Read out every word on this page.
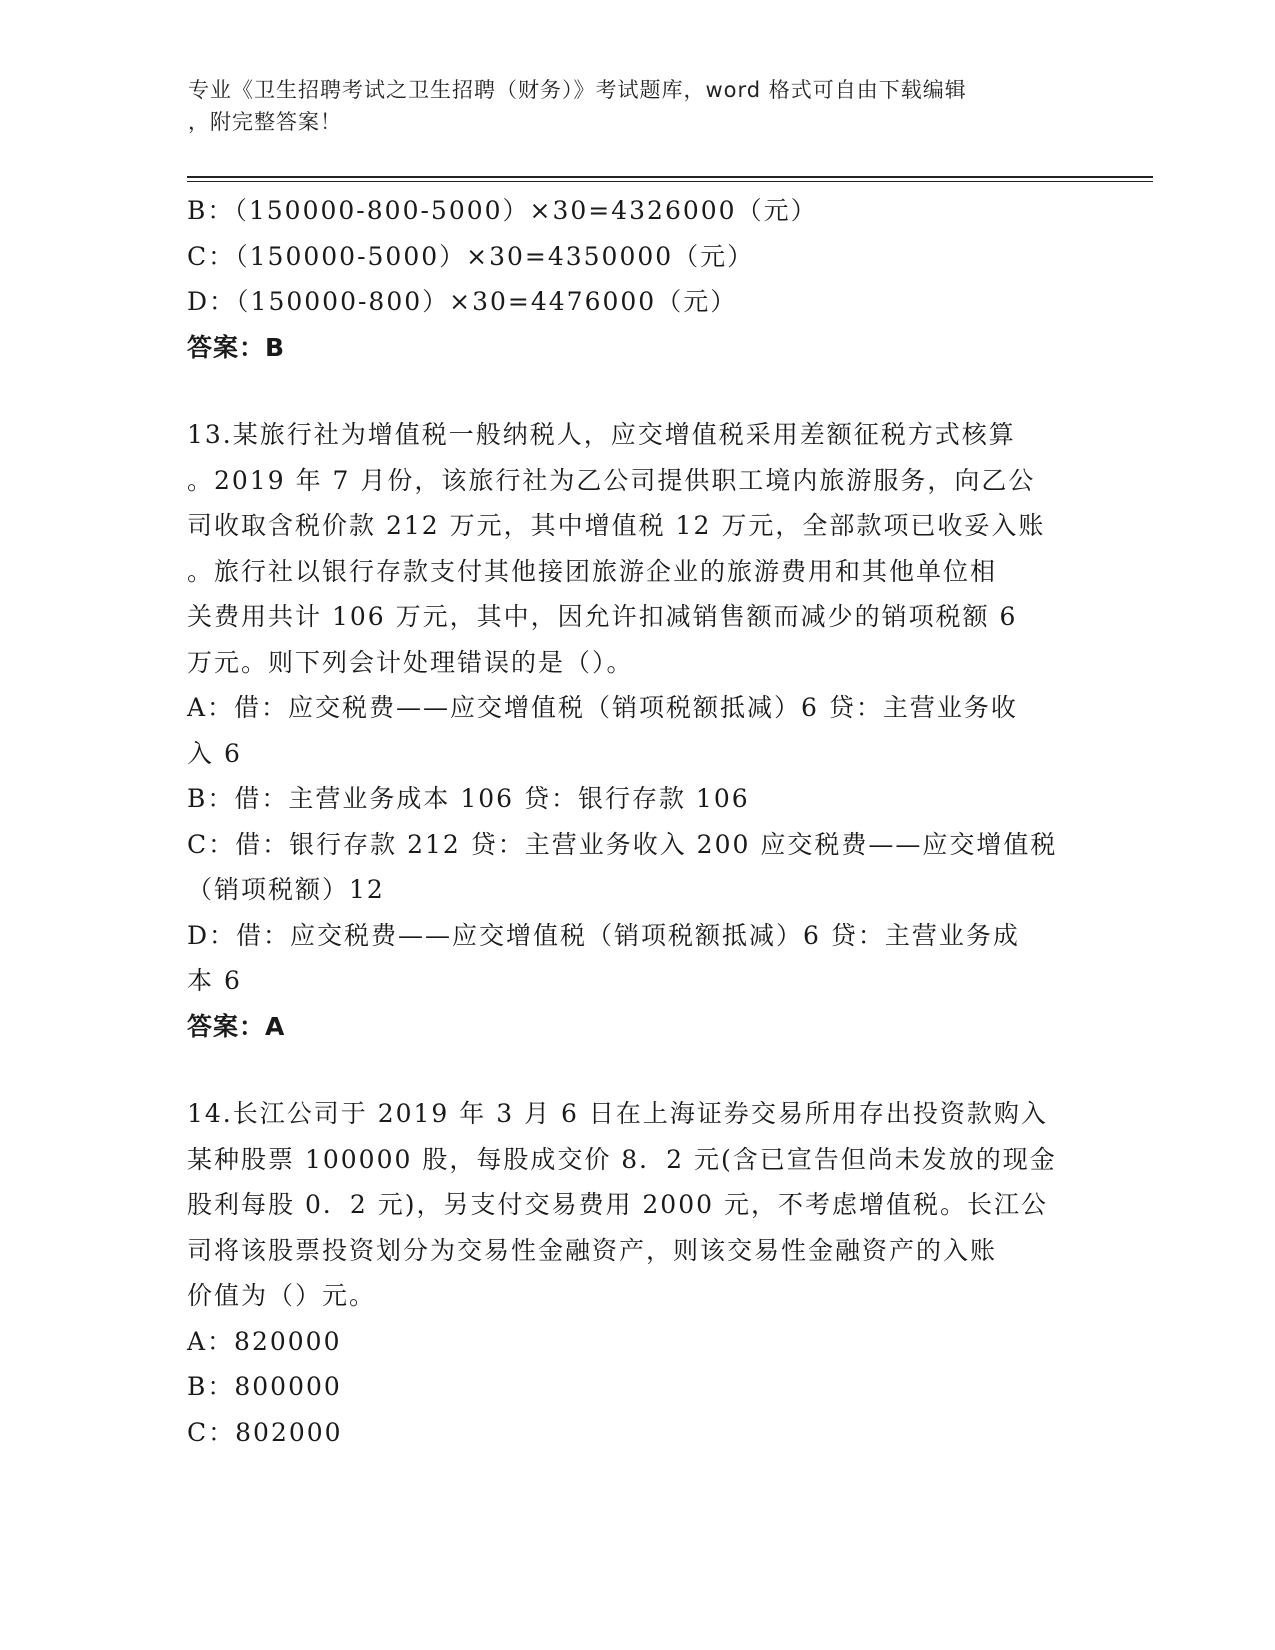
专业《卫生招聘考试之卫生招聘（财务）》考试题库，word 格式可自由下载编辑
，附完整答案！
B：（150000-800-5000）×30=4326000（元）
C：（150000-5000）×30=4350000（元）
D：（150000-800）×30=4476000（元）
答案：B
13.某旅行社为增值税一般纳税人，应交增值税采用差额征税方式核算
。2019 年 7 月份，该旅行社为乙公司提供职工境内旅游服务，向乙公
司收取含税价款 212 万元，其中增值税 12 万元，全部款项已收妥入账
。旅行社以银行存款支付其他接团旅游企业的旅游费用和其他单位相
关费用共计 106 万元，其中，因允许扣减销售额而减少的销项税额 6
万元。则下列会计处理错误的是（）。
A：借：应交税费——应交增值税（销项税额抵减）6 贷：主营业务收
入 6
B：借：主营业务成本 106 贷：银行存款 106
C：借：银行存款 212 贷：主营业务收入 200 应交税费——应交增值税
（销项税额）12
D：借：应交税费——应交增值税（销项税额抵减）6 贷：主营业务成
本 6
答案：A
14.长江公司于 2019 年 3 月 6 日在上海证券交易所用存出投资款购入
某种股票 100000 股，每股成交价 8．2 元(含已宣告但尚未发放的现金
股利每股 0．2 元)，另支付交易费用 2000 元，不考虑增值税。长江公
司将该股票投资划分为交易性金融资产，则该交易性金融资产的入账
价值为（）元。
A：820000
B：800000
C：802000
